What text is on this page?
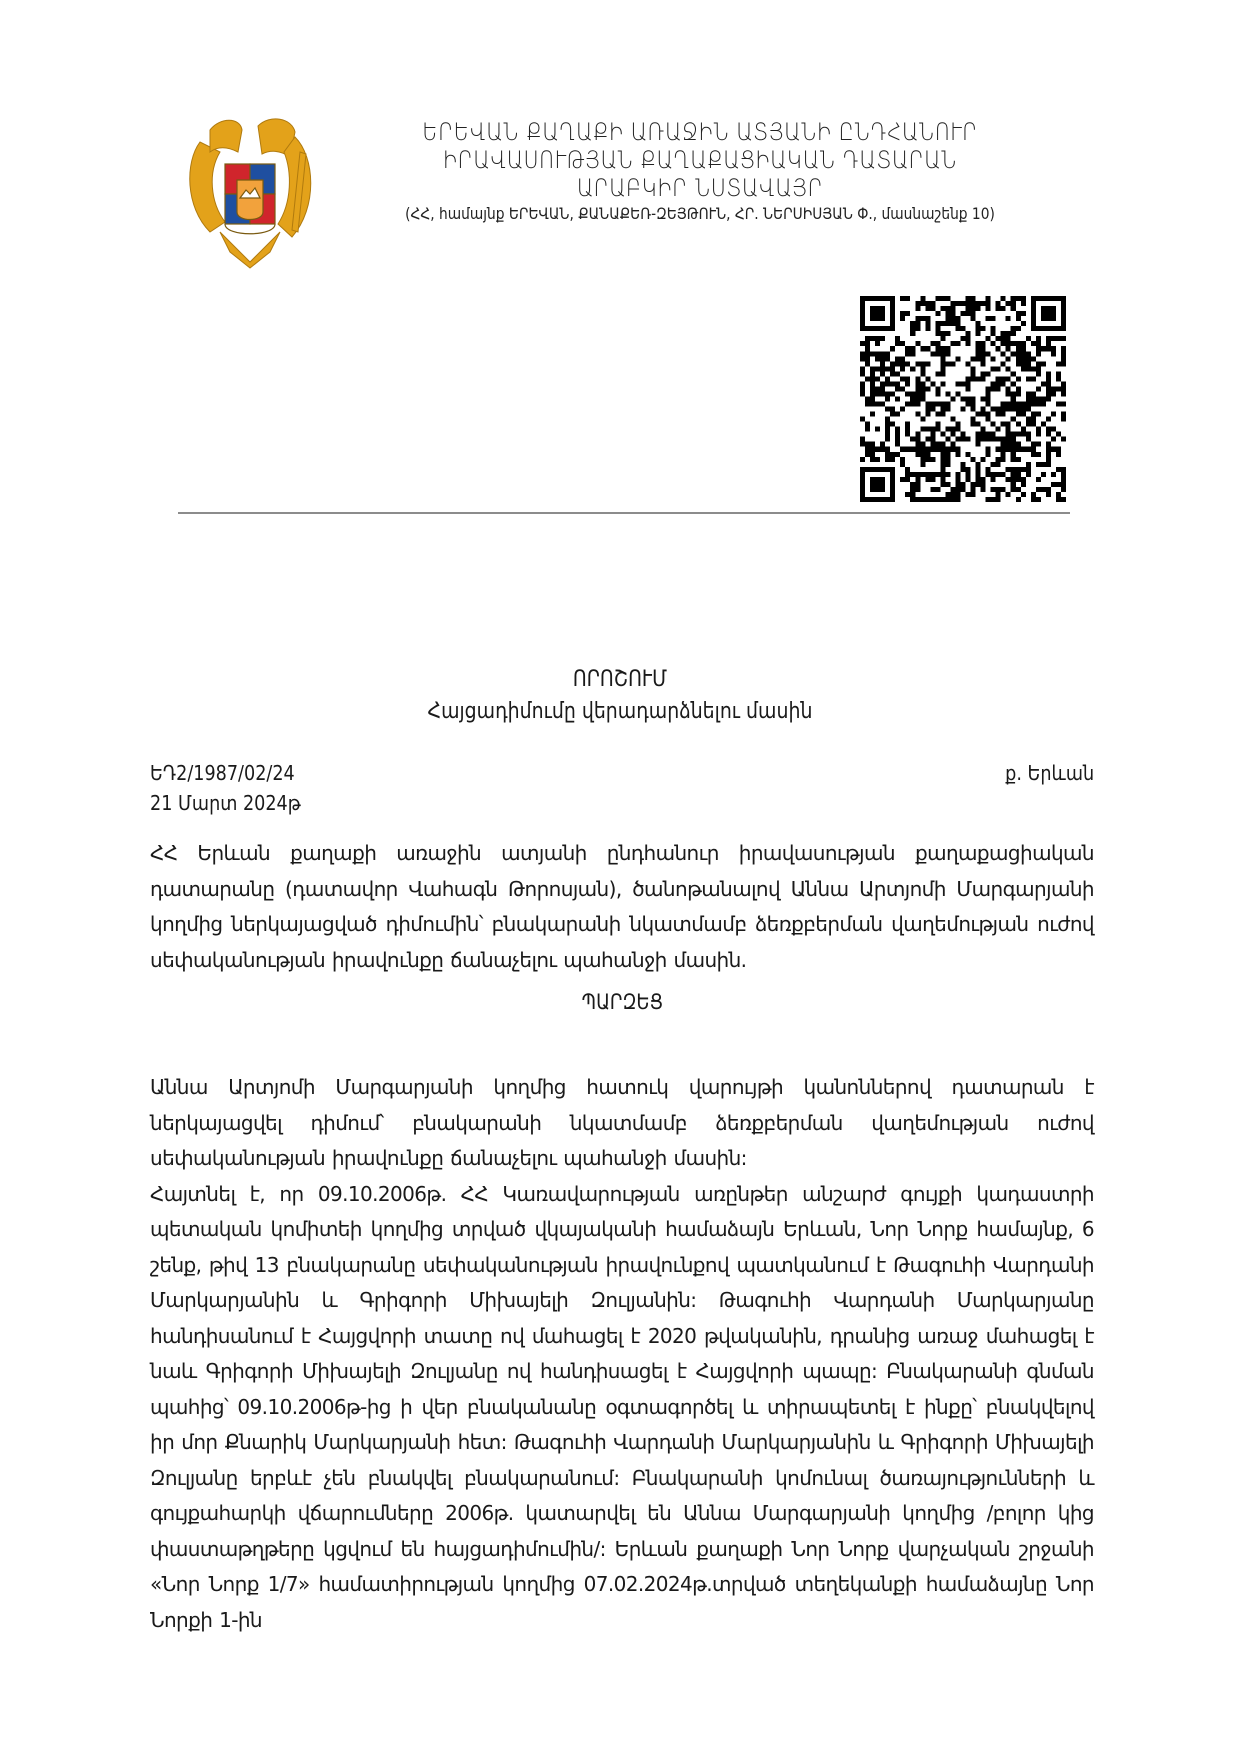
ԵՐԵՎԱՆ ՔԱՂԱՔԻ ԱՌԱՋԻՆ ԱՏՅԱՆԻ ԸՆԴՀԱՆՈՒՐ
ԻՐԱՎԱՍՈՒԹՅԱՆ ՔԱՂԱՔԱՑԻԱԿԱՆ ԴԱՏԱՐԱՆ
ԱՐԱԲԿԻՐ ՆՍՏԱՎԱՅՐ
(ՀՀ, համայնք ԵՐԵՎԱՆ, ՔԱՆԱՔԵՌ-ԶԵՅԹՈՒՆ, ՀՐ. ՆԵՐՍԻՍՅԱՆ Փ., մասնաշենք 10)
ՈՐՈՇՈՒՄ
Հայցադիմումը վերադարձնելու մասին
ԵԴ2/1987/02/24	ք. Երևան
21 Մարտ 2024թ
ՀՀ Երևան քաղաքի առաջին ատյանի ընդհանուր իրավասության քաղաքացիական դատարանը (դատավոր Վահագն Թորոսյան), ծանոթանալով Աննա Արտյոմի Մարգարյանի կողմից ներկայացված դիմումին՝ բնակարանի նկատմամբ ձեռքբերման վաղեմության ուժով սեփականության իրավունքը ճանաչելու պահանջի մասին.
ՊԱՐԶԵՑ

Աննա Արտյոմի Մարգարյանի կողմից հատուկ վարույթի կանոններով դատարան է ներկայացվել դիմում՝ բնակարանի նկատմամբ ձեռքբերման վաղեմության ուժով սեփականության իրավունքը ճանաչելու պահանջի մասին:

Հայտնել է, որ 09.10.2006թ. ՀՀ Կառավարության առընթեր անշարժ գույքի կադաստրի պետական կոմիտեի կողմից տրված վկայականի համաձայն Երևան, Նոր Նորք համայնք, 6 շենք, թիվ 13 բնակարանը սեփականության իրավունքով պատկանում է Թագուհի Վարդանի Մարկարյանին և Գրիգորի Միխայելի Զուլյանին: Թագուհի Վարդանի Մարկարյանը հանդիսանում է Հայցվորի տատը ով մահացել է 2020 թվականին, դրանից առաջ մահացել է նաև Գրիգորի Միխայելի Զուլյանը ով հանդիսացել է Հայցվորի պապը: Բնակարանի գնման պահից՝ 09.10.2006թ-ից ի վեր բնականանը օգտագործել և տիրապետել է ինքը՝ բնակվելով իր մոր Քնարիկ Մարկարյանի հետ: Թագուհի Վարդանի Մարկարյանին և Գրիգորի Միխայելի Զուլյանը երբևէ չեն բնակվել բնակարանում: Բնակարանի կոմունալ ծառայությունների և գույքահարկի վճարումները 2006թ. կատարվել են Աննա Մարգարյանի կողմից /բոլոր կից փաստաթղթերը կցվում են հայցադիմումին/: Երևան քաղաքի Նոր Նորք վարչական շրջանի «Նոր Նորք 1/7» համատիրության կողմից 07.02.2024թ.տրված տեղեկանքի համաձայնը Նոր Նորքի 1-ին
